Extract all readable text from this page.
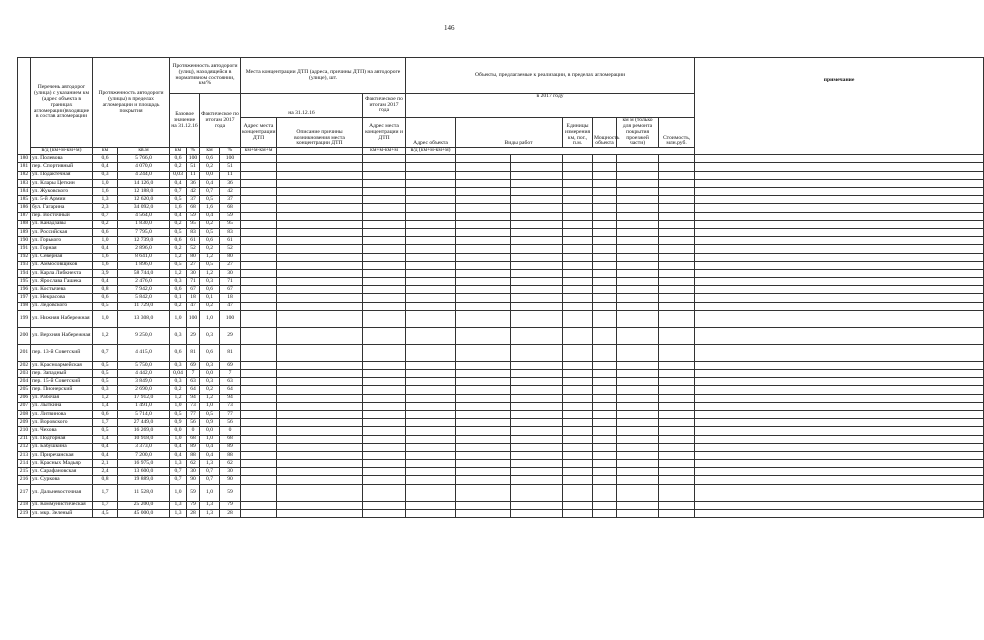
146
	Перечень автодорог (улица) с указанием км (адрес объекта в границах агломерации)входящие в состав агломерации	Протяженность автодороги (улицы) в пределах агломерации и площадь покрытия		Протяженность автодороги (улиц), находящейся в нормативном состоянии, км/%				Места концентрации ДТП (адреса, причины ДТП) на автодороге (улице), шт.			Объекты, предлагаемые к реализации, в пределах агломерации							примечание
				Базовое значение на 31.12.16		Фактическое по итогам 2017 года		на 31.12.16		Фактическое по итогам 2017 года	в 2017 году							
								Адрес места концентрации ДТП	Описание причины возникновения места концентрации ДТП	Адрес места концентрации и ДТП	Адрес объекта	Виды работ		Единицы измерения км, пог., п.м.	Мощность объекта	км м (только для ремонта покрытия проезжей части)	Стоимость, млн.руб.	

	в/д (км+м-км+м)	км	кв.м	км	%	км	%	км+м-км+м		км+м-км+м	в/д (км+м-км+м)							
180	ул. Полевова	0,6	5 766,0	0,6	100	0,6	100											
181	пер. Спортивный	0,4	4 070,0	0,2	51	0,2	51											
182	ул. Подактечная	0,3	4 244,0	0,03	11	0,0	11											
183	ул. Клары Цеткин	1,0	14 126,0	0,4	36	0,4	36											
184	ул. Жуковского	1,6	12 188,0	0,7	42	0,7	42											
185	ул. 5-й Армии	1,3	12 620,0	0,5	37	0,5	37											
186	бул. Гагарина	2,3	34 092,0	1,6	68	1,6	68											
187	пер. Восточный	0,7	4 564,0	0,4	59	0,4	59											
188	ул. Канадзавы	0,2	1 830,0	0,2	95	0,2	95											
189	ул. Российская	0,6	7 795,0	0,5	83	0,5	83											
190	ул. Горького	1,0	12 739,0	0,6	61	0,6	61											
191	ул. Горная	0,4	2 896,0	0,2	52	0,2	52											
192	ул. Северная	1,6	8 641,0	1,2	80	1,2	80											
193	ул. Аммосовщиков	1,6	1 896,0	0,5	27	0,5	27											
194	ул. Карла Либкнехта	3,9	58 744,0	1,2	30	1,2	30											
195	ул. Ярослава Гашека	0,4	2 476,0	0,3	71	0,3	71											
196	ул. Костычева	0,8	7 942,0	0,6	67	0,6	67											
197	ул. Некрасова	0,6	5 842,0	0,1	18	0,1	18											
198	ул. Ледовского	0,5	11 729,0	0,2	47	0,2	47											
199	ул. Нижняя Набережная	1,0	13 308,0	1,0	100	1,0	100											
200	ул. Верхняя Набережная	1,2	9 250,0	0,3	29	0,3	29											
201	пер. 13-й Советский	0,7	4 415,0	0,6	81	0,6	81											
202	ул. Красноармейская	0,5	5 750,0	0,3	69	0,3	69											
203	пер. Западный	0,5	4 442,0	0,04	7	0,0	7											
204	пер. 15-й Советский	0,5	3 849,0	0,3	63	0,3	63											
205	пер. Пионерский	0,3	2 690,0	0,2	64	0,2	64											
206	ул. Рабочая	1,2	17 912,0	1,2	94	1,2	94											
207	ул. Лыткина	1,4	1 491,0	1,0	73	1,0	73											
208	ул. Литвинова	0,6	5 714,0	0,5	77	0,5	77											
209	ул. Воровского	1,7	27 449,0	0,9	56	0,9	56											
210	ул. Чехова	0,5	16 269,0	0,0	0	0,0	0											
211	ул. Подгорная	1,4	10 918,0	1,0	68	1,0	68											
212	ул. Бабушкина	0,4	3 373,0	0,4	89	0,4	89											
213	ул. Приречанская	0,4	7 200,0	0,4	88	0,4	88											
214	ул. Красных Мадьяр	2,1	16 975,0	1,3	62	1,3	62											
215	ул. Сарафановская	2,4	13 600,0	0,7	30	0,7	30											
216	ул. Суркова	0,8	19 889,0	0,7	90	0,7	90											
217	ул. Дальневосточная	1,7	11 528,0	1,0	59	1,0	59											
218	ул. Коммунистическая	1,7	25 200,0	1,3	79	1,3	79											
219	ул. мкр. Зеленый	4,5	45 000,0	1,3	28	1,3	28											
